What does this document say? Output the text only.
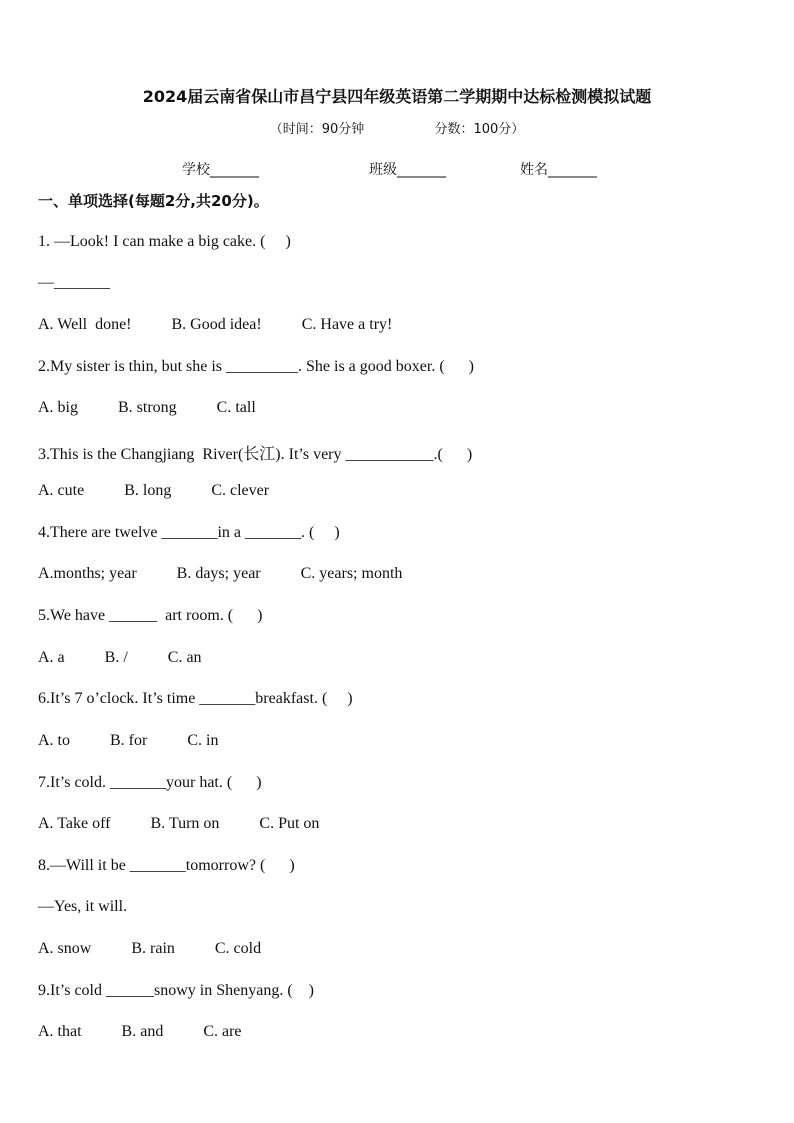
2024届云南省保山市昌宁县四年级英语第二学期期中达标检测模拟试题
（时间：90分钟                 分数：100分）
学校_______	班级_______	姓名_______
一、单项选择(每题2分,共20分)。
1. —Look! I can make a big cake. (     )
—_______
A. Well  done!          B. Good idea!          C. Have a try!
2.My sister is thin, but she is _________. She is a good boxer. (      )
A. big          B. strong          C. tall
3.This is the Changjiang  River(长江). It’s very ___________.(      )
A. cute          B. long          C. clever
4.There are twelve _______in a _______. (     )
A.months; year          B. days; year          C. years; month
5.We have ______  art room. (      )
A. a          B. /          C. an
6.It’s 7 o’clock. It’s time _______breakfast. (     )
A. to          B. for          C. in
7.It’s cold. _______your hat. (      )
A. Take off          B. Turn on          C. Put on
8.—Will it be _______tomorrow? (      )
—Yes, it will.
A. snow          B. rain          C. cold
9.It’s cold ______snowy in Shenyang. (    )
A. that          B. and          C. are
